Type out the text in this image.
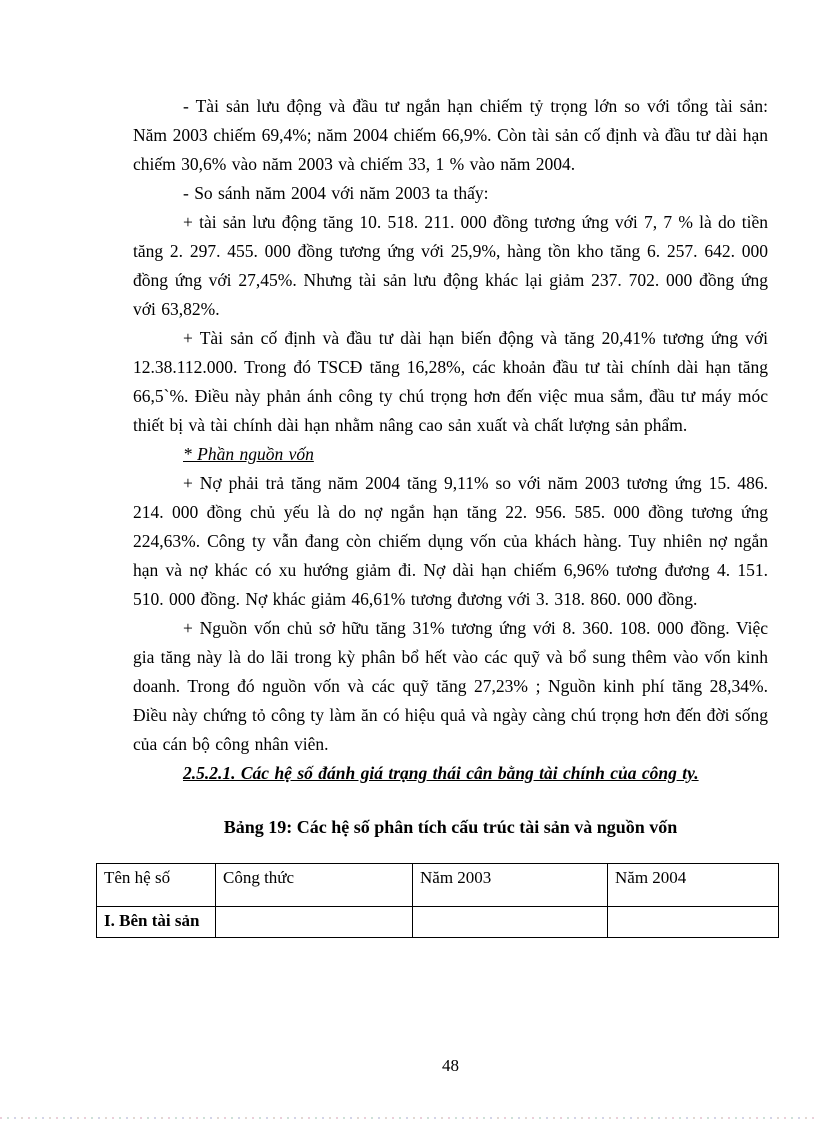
- Tài sản lưu động và đầu tư ngắn hạn chiếm tỷ trọng lớn so với tổng tài sản: Năm 2003 chiếm 69,4%; năm 2004 chiếm 66,9%. Còn tài sản cố định và đầu tư dài hạn chiếm 30,6% vào năm 2003 và chiếm 33, 1 % vào năm 2004.

- So sánh năm 2004 với năm 2003 ta thấy:

+ tài sản lưu động tăng 10. 518. 211. 000 đồng tương ứng với 7, 7 % là do tiền tăng 2. 297. 455. 000 đồng tương ứng với 25,9%, hàng tồn kho tăng 6. 257. 642. 000 đồng ứng với 27,45%. Nhưng tài sản lưu động khác lại giảm 237. 702. 000 đồng ứng với 63,82%.

+ Tài sản cố định và đầu tư dài hạn biến động và tăng 20,41% tương ứng với 12.38.112.000. Trong đó TSCĐ tăng 16,28%, các khoản đầu tư tài chính dài hạn tăng 66,5`%. Điều này phản ánh công ty chú trọng hơn đến việc mua sắm, đầu tư máy móc thiết bị và tài chính dài hạn nhằm nâng cao sản xuất và chất lượng sản phẩm.

* Phần nguồn vốn

+ Nợ phải trả tăng năm 2004 tăng 9,11% so với năm 2003 tương ứng 15. 486. 214. 000 đồng chủ yếu là do nợ ngắn hạn tăng 22. 956. 585. 000 đồng tương ứng 224,63%. Công ty vẫn đang còn chiếm dụng vốn của khách hàng. Tuy nhiên nợ ngắn hạn và nợ khác có xu hướng giảm đi. Nợ dài hạn chiếm 6,96% tương đương 4. 151. 510. 000 đồng. Nợ khác giảm 46,61% tương đương với 3. 318. 860. 000 đồng.

+ Nguồn vốn chủ sở hữu tăng 31% tương ứng với 8. 360. 108. 000 đồng. Việc gia tăng này là do lãi trong kỳ phân bổ hết vào các quỹ và bổ sung thêm vào vốn kinh doanh. Trong đó nguồn vốn và các quỹ tăng 27,23% ; Nguồn kinh phí tăng 28,34%. Điều này chứng tỏ công ty làm ăn có hiệu quả và ngày càng chú trọng hơn đến đời sống của cán bộ công nhân viên.

2.5.2.1. Các hệ số đánh giá trạng thái cân bằng tài chính của công ty.

Bảng 19: Các hệ số phân tích cấu trúc tài sản và nguồn vốn

Tên hệ số	Công thức	Năm 2003	Năm 2004
I. Bên tài sản			
48
